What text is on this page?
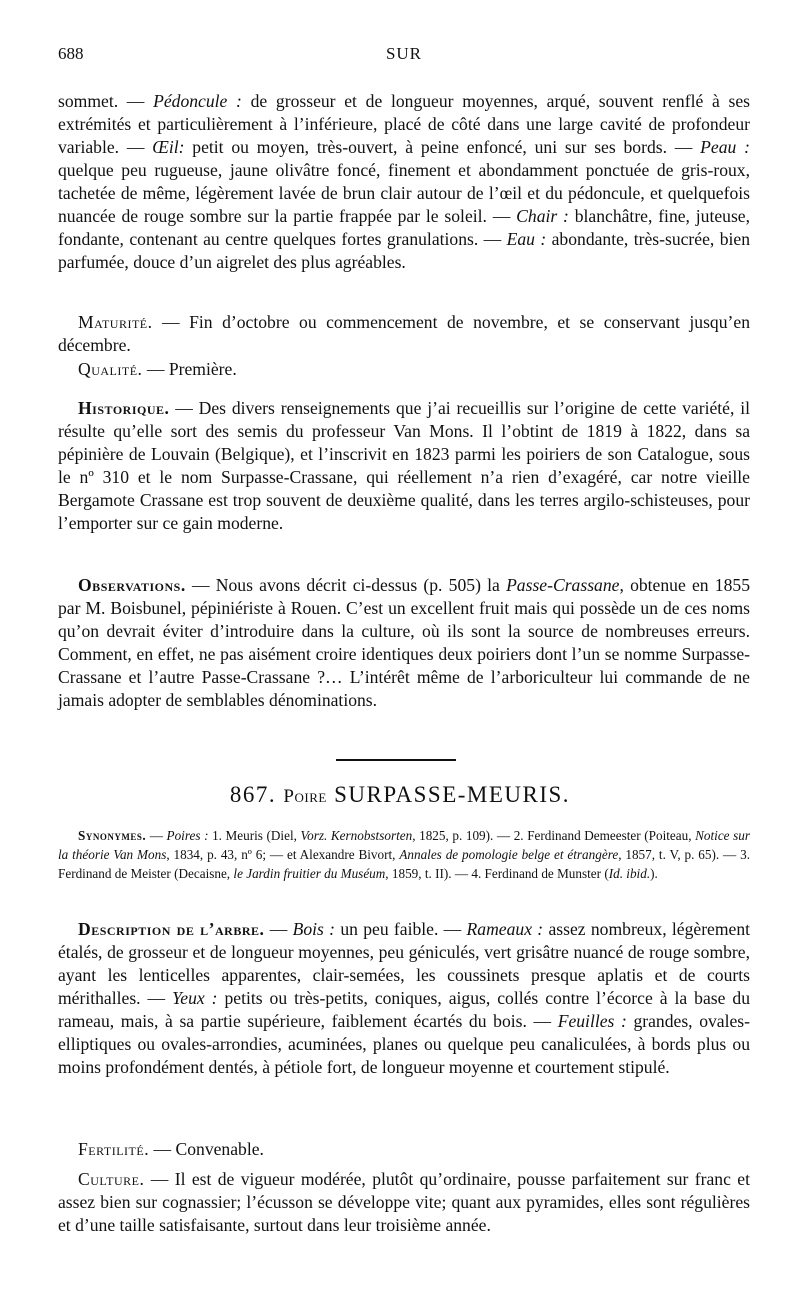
688	SUR

sommet. — Pédoncule : de grosseur et de longueur moyennes, arqué, souvent renflé à ses extrémités et particulièrement à l’inférieure, placé de côté dans une large cavité de profondeur variable. — Œil: petit ou moyen, très-ouvert, à peine enfoncé, uni sur ses bords. — Peau : quelque peu rugueuse, jaune olivâtre foncé, finement et abondamment ponctuée de gris-roux, tachetée de même, légèrement lavée de brun clair autour de l’œil et du pédoncule, et quelquefois nuancée de rouge sombre sur la partie frappée par le soleil. — Chair : blanchâtre, fine, juteuse, fondante, contenant au centre quelques fortes granulations. — Eau : abondante, très-sucrée, bien parfumée, douce d’un aigrelet des plus agréables.

Maturité. — Fin d’octobre ou commencement de novembre, et se conservant jusqu’en décembre.

Qualité. — Première.

Historique. — Des divers renseignements que j’ai recueillis sur l’origine de cette variété, il résulte qu’elle sort des semis du professeur Van Mons. Il l’obtint de 1819 à 1822, dans sa pépinière de Louvain (Belgique), et l’inscrivit en 1823 parmi les poiriers de son Catalogue, sous le nº 310 et le nom Surpasse-Crassane, qui réellement n’a rien d’exagéré, car notre vieille Bergamote Crassane est trop souvent de deuxième qualité, dans les terres argilo-schisteuses, pour l’emporter sur ce gain moderne.

Observations. — Nous avons décrit ci-dessus (p. 505) la Passe-Crassane, obtenue en 1855 par M. Boisbunel, pépiniériste à Rouen. C’est un excellent fruit mais qui possède un de ces noms qu’on devrait éviter d’introduire dans la culture, où ils sont la source de nombreuses erreurs. Comment, en effet, ne pas aisément croire identiques deux poiriers dont l’un se nomme Surpasse-Crassane et l’autre Passe-Crassane ?… L’intérêt même de l’arboriculteur lui commande de ne jamais adopter de semblables dénominations.

867. Poire SURPASSE-MEURIS.

Synonymes. — Poires : 1. Meuris (Diel, Vorz. Kernobstsorten, 1825, p. 109). — 2. Ferdinand Demeester (Poiteau, Notice sur la théorie Van Mons, 1834, p. 43, nº 6; — et Alexandre Bivort, Annales de pomologie belge et étrangère, 1857, t. V, p. 65). — 3. Ferdinand de Meister (Decaisne, le Jardin fruitier du Muséum, 1859, t. II). — 4. Ferdinand de Munster (Id. ibid.).

Description de l’arbre. — Bois : un peu faible. — Rameaux : assez nombreux, légèrement étalés, de grosseur et de longueur moyennes, peu géniculés, vert grisâtre nuancé de rouge sombre, ayant les lenticelles apparentes, clair-semées, les coussinets presque aplatis et de courts mérithalles. — Yeux : petits ou très-petits, coniques, aigus, collés contre l’écorce à la base du rameau, mais, à sa partie supérieure, faiblement écartés du bois. — Feuilles : grandes, ovales-elliptiques ou ovales-arrondies, acuminées, planes ou quelque peu canaliculées, à bords plus ou moins profondément dentés, à pétiole fort, de longueur moyenne et courtement stipulé.

Fertilité. — Convenable.

Culture. — Il est de vigueur modérée, plutôt qu’ordinaire, pousse parfaitement sur franc et assez bien sur cognassier; l’écusson se développe vite; quant aux pyramides, elles sont régulières et d’une taille satisfaisante, surtout dans leur troisième année.
